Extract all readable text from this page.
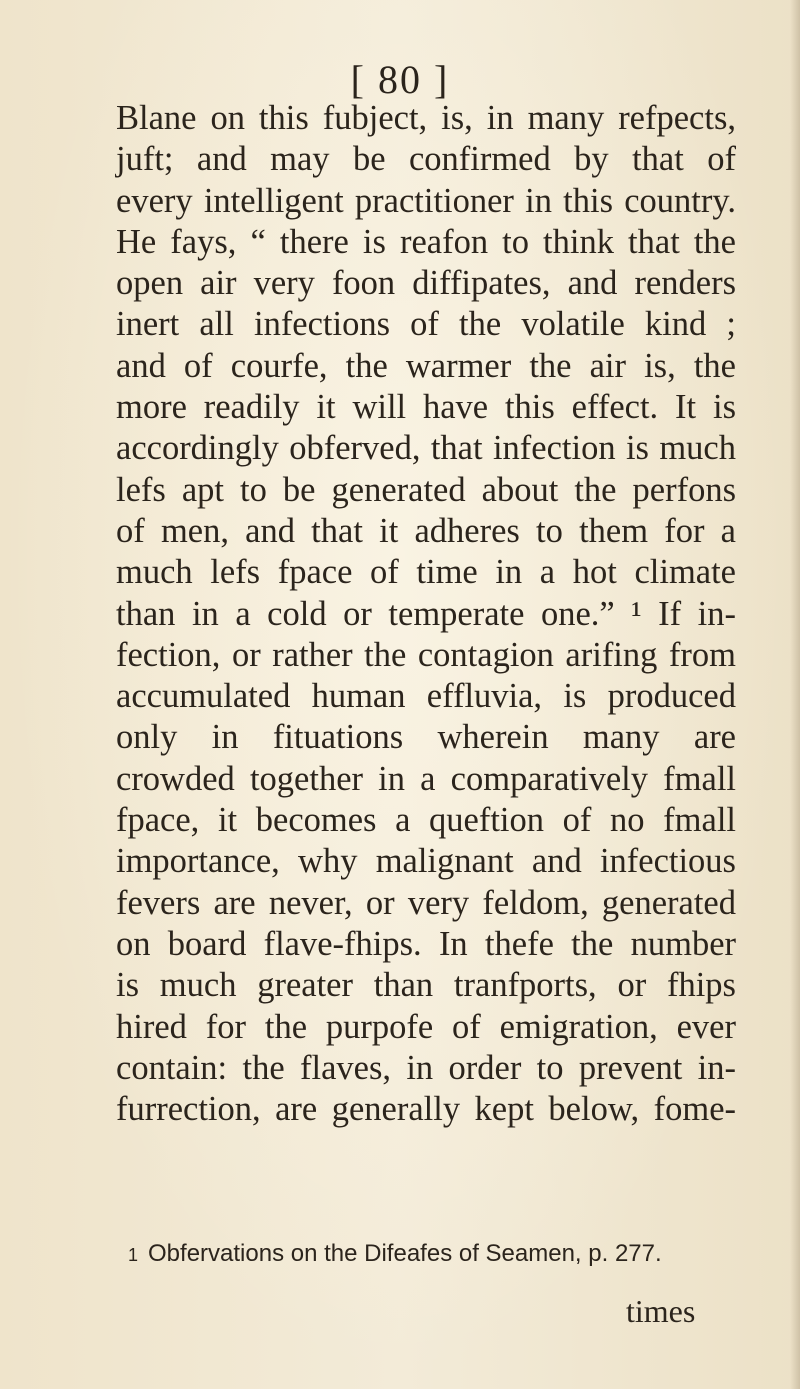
[ 80 ]
Blane on this fubject, is, in many refpects,
juft; and may be confirmed by that of
every intelligent practitioner in this country.
He fays, “ there is reafon to think that the
open air very foon diffipates, and renders
inert all infections of the volatile kind ;
and of courfe, the warmer the air is, the
more readily it will have this effect. It is
accordingly obferved, that infection is much
lefs apt to be generated about the perfons
of men, and that it adheres to them for a
much lefs fpace of time in a hot climate
than in a cold or temperate one.” ¹ If in-
fection, or rather the contagion arifing from
accumulated human effluvia, is produced
only in fituations wherein many are
crowded together in a comparatively fmall
fpace, it becomes a queftion of no fmall
importance, why malignant and infectious
fevers are never, or very feldom, generated
on board flave-fhips. In thefe the number
is much greater than tranfports, or fhips
hired for the purpofe of emigration, ever
contain: the flaves, in order to prevent in-
furrection, are generally kept below, fome-
1 Obfervations on the Difeafes of Seamen, p. 277.
times
